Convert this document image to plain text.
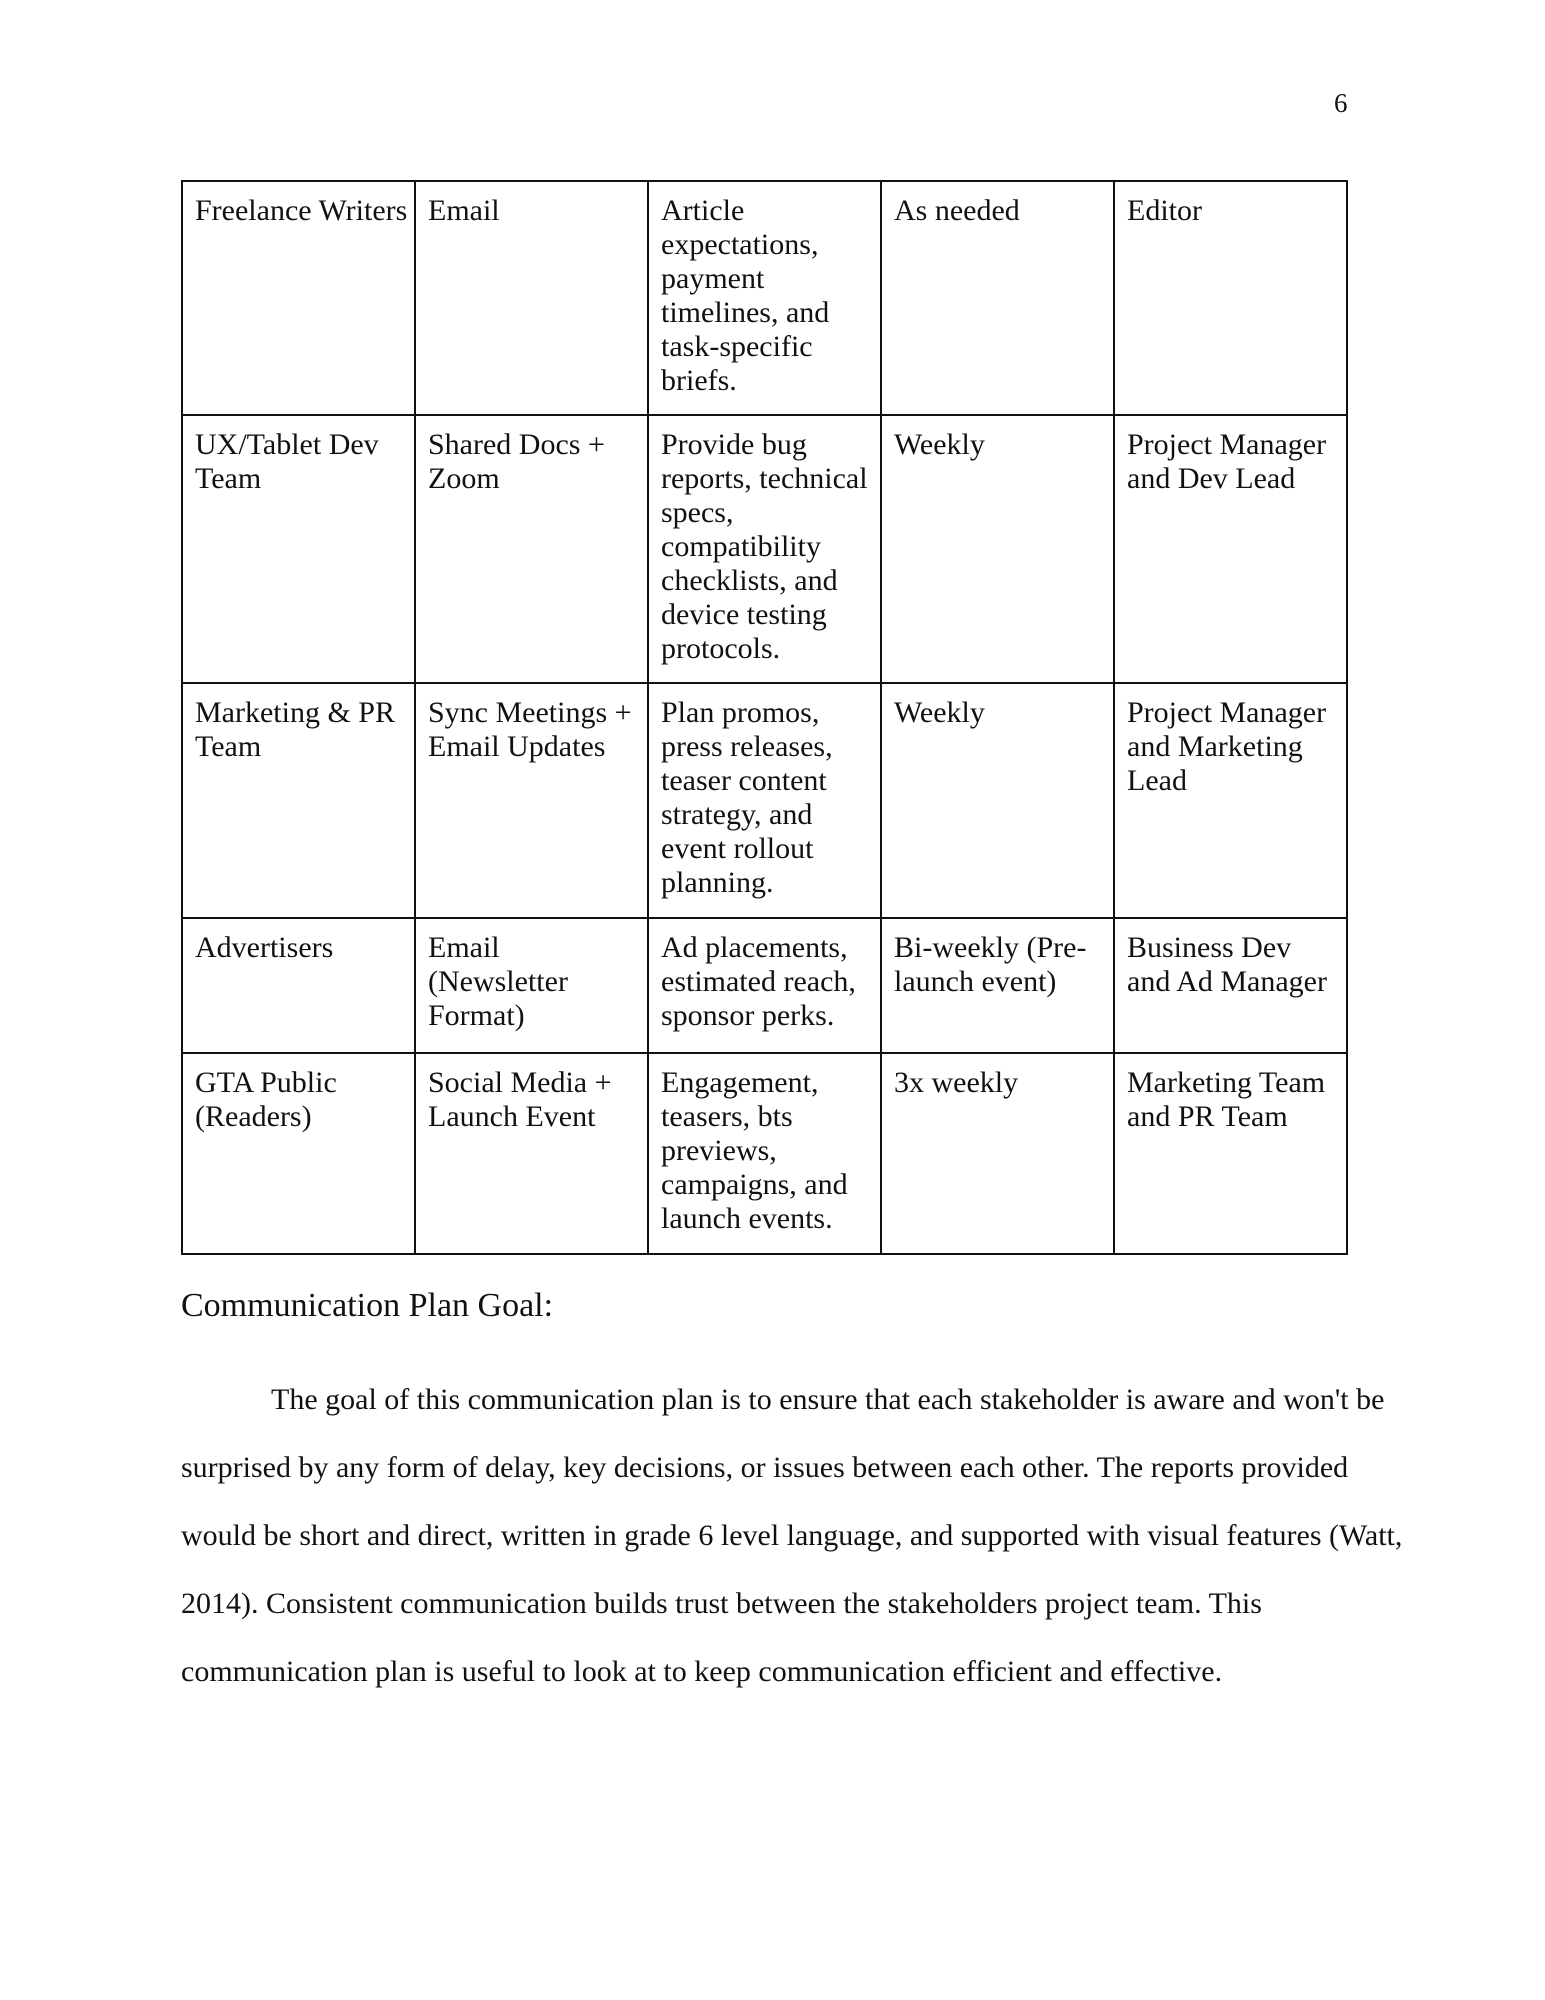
6
Freelance Writers	Email	Article expectations, payment timelines, and task-specific briefs.	As needed	Editor
UX/Tablet Dev Team	Shared Docs + Zoom	Provide bug reports, technical specs, compatibility checklists, and device testing protocols.	Weekly	Project Manager and Dev Lead
Marketing & PR Team	Sync Meetings + Email Updates	Plan promos, press releases, teaser content strategy, and event rollout planning.	Weekly	Project Manager and Marketing Lead
Advertisers	Email (Newsletter Format)	Ad placements, estimated reach, sponsor perks.	Bi-weekly (Pre-launch event)	Business Dev and Ad Manager
GTA Public (Readers)	Social Media + Launch Event	Engagement, teasers, bts previews, campaigns, and launch events.	3x weekly	Marketing Team and PR Team
Communication Plan Goal:

The goal of this communication plan is to ensure that each stakeholder is aware and won't be surprised by any form of delay, key decisions, or issues between each other. The reports provided would be short and direct, written in grade 6 level language, and supported with visual features (Watt, 2014). Consistent communication builds trust between the stakeholders project team. This communication plan is useful to look at to keep communication efficient and effective.
